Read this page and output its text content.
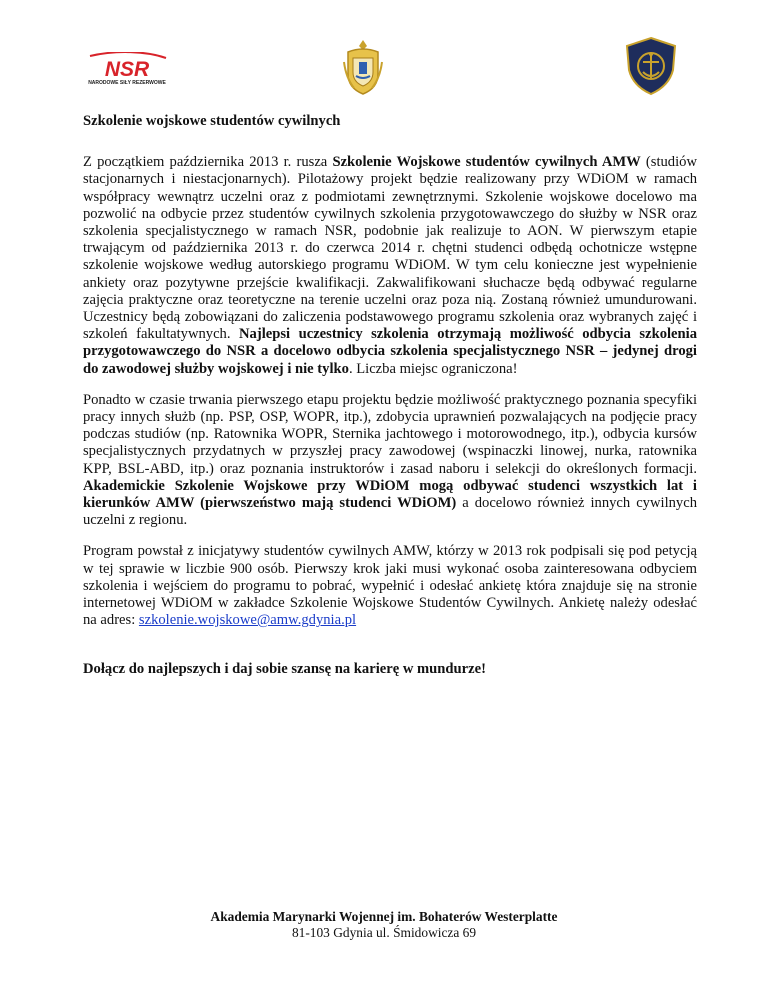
NSR
NARODOWE SIŁY REZERWOWE

Szkolenie wojskowe studentów cywilnych

Z początkiem października 2013 r. rusza Szkolenie Wojskowe studentów cywilnych AMW (studiów stacjonarnych i niestacjonarnych). Pilotażowy projekt będzie realizowany przy WDiOM w ramach współpracy wewnątrz uczelni oraz z podmiotami zewnętrznymi. Szkolenie wojskowe docelowo ma pozwolić na odbycie przez studentów cywilnych szkolenia przygotowawczego do służby w NSR oraz szkolenia specjalistycznego w ramach NSR, podobnie jak realizuje to AON. W pierwszym etapie trwającym od października 2013 r. do czerwca 2014 r. chętni studenci odbędą ochotnicze wstępne szkolenie wojskowe według autorskiego programu WDiOM. W tym celu konieczne jest wypełnienie ankiety oraz pozytywne przejście kwalifikacji. Zakwalifikowani słuchacze będą odbywać regularne zajęcia praktyczne oraz teoretyczne na terenie uczelni oraz poza nią. Zostaną również umundurowani. Uczestnicy będą zobowiązani do zaliczenia podstawowego programu szkolenia oraz wybranych zajęć i szkoleń fakultatywnych. Najlepsi uczestnicy szkolenia otrzymają możliwość odbycia szkolenia przygotowawczego do NSR a docelowo odbycia szkolenia specjalistycznego NSR – jedynej drogi do zawodowej służby wojskowej i nie tylko. Liczba miejsc ograniczona!

Ponadto w czasie trwania pierwszego etapu projektu będzie możliwość praktycznego poznania specyfiki pracy innych służb (np. PSP, OSP, WOPR, itp.), zdobycia uprawnień pozwalających na podjęcie pracy podczas studiów (np. Ratownika WOPR, Sternika jachtowego i motorowodnego, itp.), odbycia kursów specjalistycznych przydatnych w przyszłej pracy zawodowej (wspinaczki linowej, nurka, ratownika KPP, BSL-ABD, itp.) oraz poznania instruktorów i zasad naboru i selekcji do określonych formacji. Akademickie Szkolenie Wojskowe przy WDiOM mogą odbywać studenci wszystkich lat i kierunków AMW (pierwszeństwo mają studenci WDiOM) a docelowo również innych cywilnych uczelni z regionu.

Program powstał z inicjatywy studentów cywilnych AMW, którzy w 2013 rok podpisali się pod petycją w tej sprawie w liczbie 900 osób. Pierwszy krok jaki musi wykonać osoba zainteresowana odbyciem szkolenia i wejściem do programu to pobrać, wypełnić i odesłać ankietę która znajduje się na stronie internetowej WDiOM w zakładce Szkolenie Wojskowe Studentów Cywilnych. Ankietę należy odesłać na adres: szkolenie.wojskowe@amw.gdynia.pl

Dołącz do najlepszych i daj sobie szansę na karierę w mundurze!

Akademia Marynarki Wojennej im. Bohaterów Westerplatte
81-103 Gdynia ul. Śmidowicza 69
